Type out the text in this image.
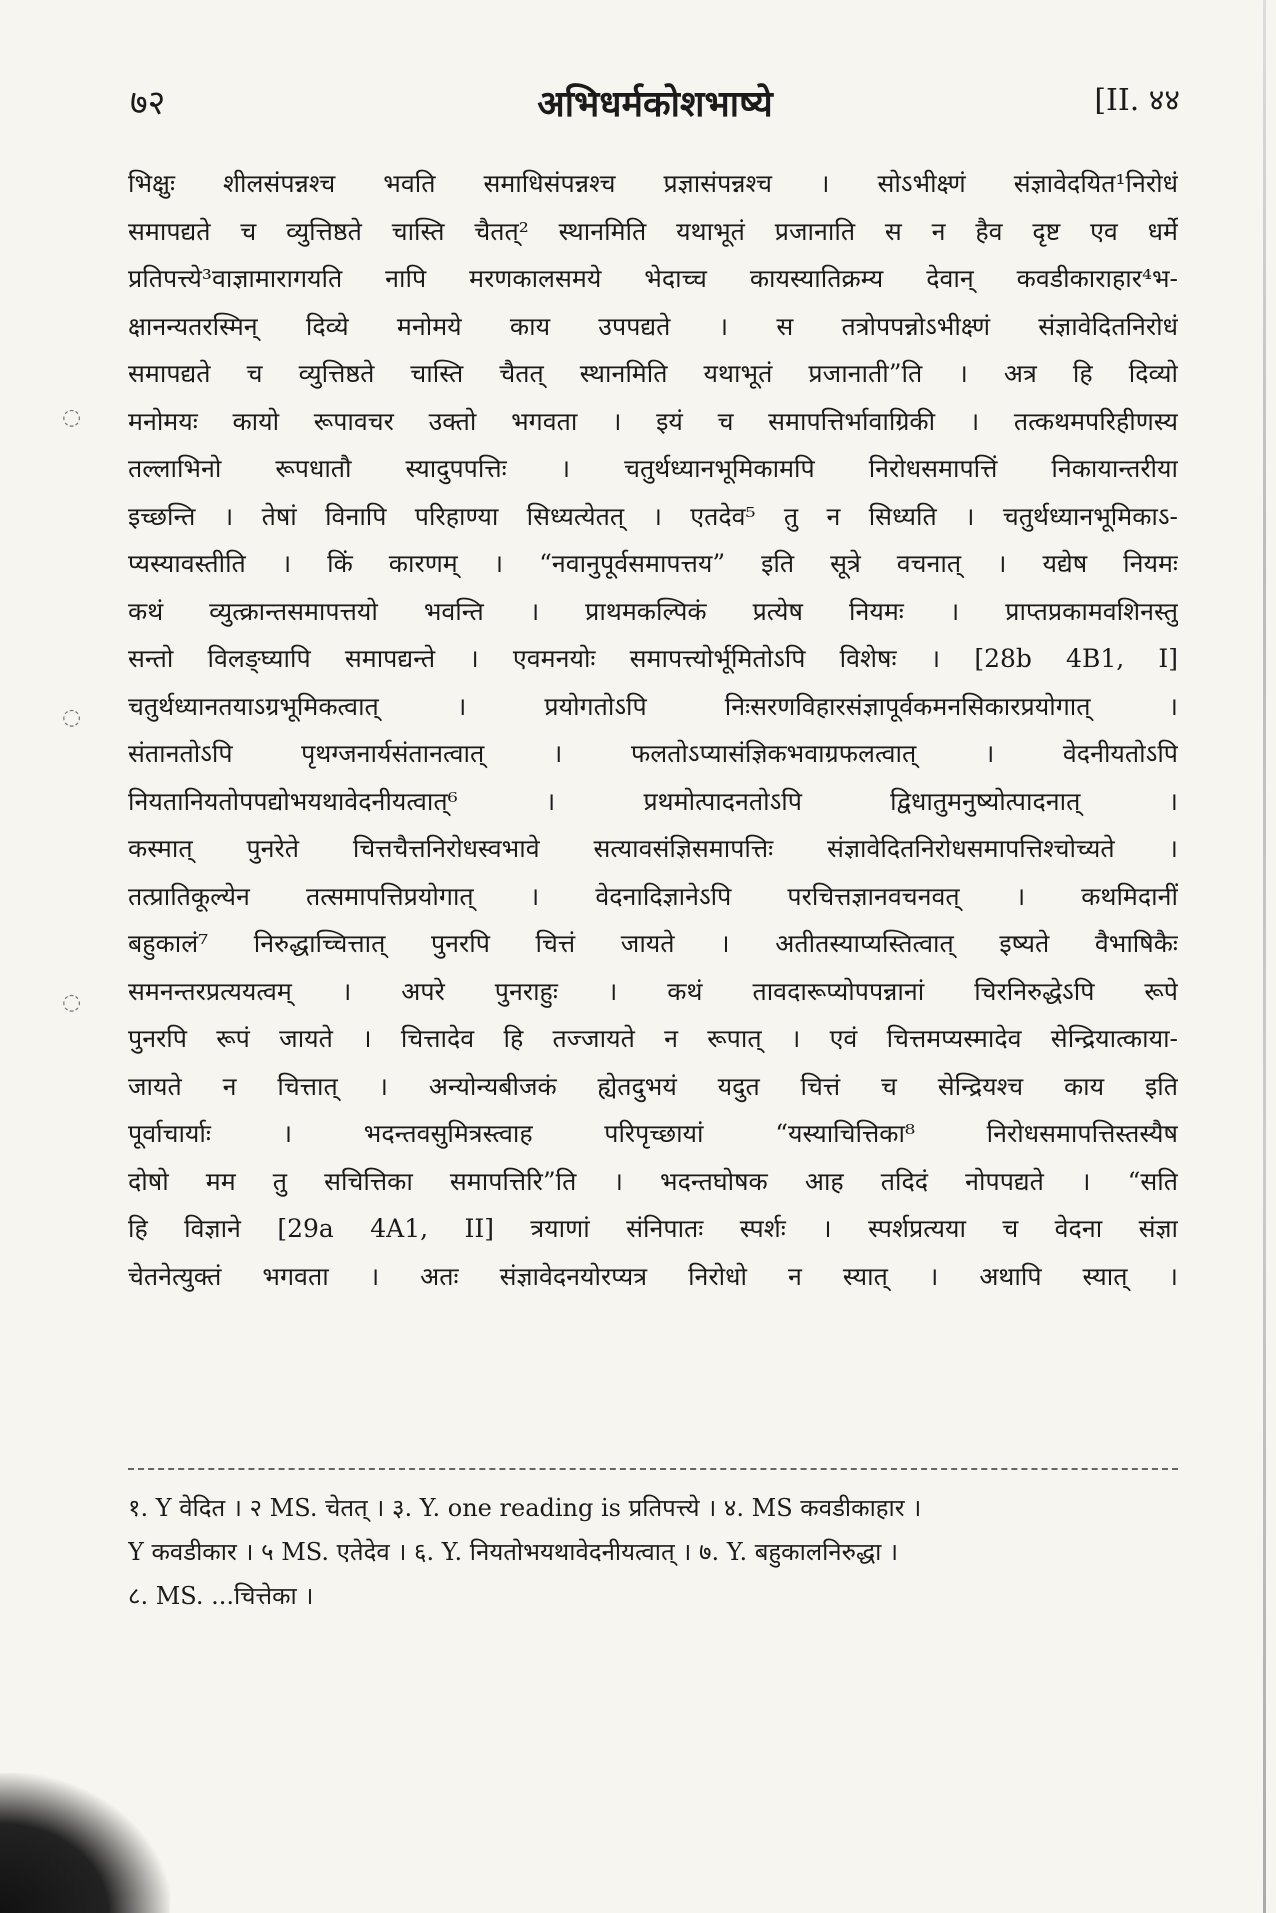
७२	अभिधर्मकोशभाष्ये	[II. ४४
भिक्षुः शीलसंपन्नश्च भवति समाधिसंपन्नश्च प्रज्ञासंपन्नश्च । सोऽभीक्ष्णं संज्ञावेदयित¹निरोधं
समापद्यते च व्युत्तिष्ठते चास्ति चैतत्² स्थानमिति यथाभूतं प्रजानाति स न हैव दृष्ट एव धर्मे
प्रतिपत्त्ये³वाज्ञामारागयति नापि मरणकालसमये भेदाच्च कायस्यातिक्रम्य देवान् कवडीकाराहार⁴भ-
क्षानन्यतरस्मिन् दिव्ये मनोमये काय उपपद्यते । स तत्रोपपन्नोऽभीक्ष्णं संज्ञावेदितनिरोधं
समापद्यते च व्युत्तिष्ठते चास्ति चैतत् स्थानमिति यथाभूतं प्रजानाती”ति । अत्र हि दिव्यो
मनोमयः कायो रूपावचर उक्तो भगवता । इयं च समापत्तिर्भावाग्रिकी । तत्कथमपरिहीणस्य
तल्लाभिनो रूपधातौ स्यादुपपत्तिः । चतुर्थध्यानभूमिकामपि निरोधसमापत्तिं निकायान्तरीया
इच्छन्ति । तेषां विनापि परिहाण्या सिध्यत्येतत् । एतदेव⁵ तु न सिध्यति । चतुर्थध्यानभूमिकाऽ-
प्यस्यावस्तीति । किं कारणम् । “नवानुपूर्वसमापत्तय” इति सूत्रे वचनात् । यद्येष नियमः
कथं व्युत्क्रान्तसमापत्तयो भवन्ति । प्राथमकल्पिकं प्रत्येष नियमः । प्राप्तप्रकामवशिनस्तु
सन्तो विलङ्घ्यापि समापद्यन्ते । एवमनयोः समापत्त्योर्भूमितोऽपि विशेषः । [28b 4B1, I]
चतुर्थध्यानतयाऽग्रभूमिकत्वात् । प्रयोगतोऽपि निःसरणविहारसंज्ञापूर्वकमनसिकारप्रयोगात् ।
संतानतोऽपि पृथग्जनार्यसंतानत्वात् । फलतोऽप्यासंज्ञिकभवाग्रफलत्वात् । वेदनीयतोऽपि
नियतानियतोपपद्योभयथावेदनीयत्वात्⁶ । प्रथमोत्पादनतोऽपि द्विधातुमनुष्योत्पादनात् ।
कस्मात् पुनरेते चित्तचैत्तनिरोधस्वभावे सत्यावसंज्ञिसमापत्तिः संज्ञावेदितनिरोधसमापत्तिश्चोच्यते ।
तत्प्रातिकूल्येन तत्समापत्तिप्रयोगात् । वेदनादिज्ञानेऽपि परचित्तज्ञानवचनवत् । कथमिदानीं
बहुकालं⁷ निरुद्धाच्चित्तात् पुनरपि चित्तं जायते । अतीतस्याप्यस्तित्वात् इष्यते वैभाषिकैः
समनन्तरप्रत्ययत्वम् । अपरे पुनराहुः । कथं तावदारूप्योपपन्नानां चिरनिरुद्धेऽपि रूपे
पुनरपि रूपं जायते । चित्तादेव हि तज्जायते न रूपात् । एवं चित्तमप्यस्मादेव सेन्द्रियात्काया-
जायते न चित्तात् । अन्योन्यबीजकं ह्येतदुभयं यदुत चित्तं च सेन्द्रियश्च काय इति
पूर्वाचार्याः । भदन्तवसुमित्रस्त्वाह परिपृच्छायां “यस्याचित्तिका⁸ निरोधसमापत्तिस्तस्यैष
दोषो मम तु सचित्तिका समापत्तिरि”ति । भदन्तघोषक आह तदिदं नोपपद्यते । “सति
हि विज्ञाने [29a 4A1, II] त्रयाणां संनिपातः स्पर्शः । स्पर्शप्रत्यया च वेदना संज्ञा
चेतनेत्युक्तं भगवता । अतः संज्ञावेदनयोरप्यत्र निरोधो न स्यात् । अथापि स्यात् ।
१. Y वेदित । २ MS. चेतत् । ३. Y. one reading is प्रतिपत्त्ये । ४. MS कवडीकाहार ।
Y कवडीकार । ५ MS. एतेदेव । ६. Y. नियतोभयथावेदनीयत्वात् । ७. Y. बहुकालनिरुद्धा ।
८. MS. ...चित्तेका ।
◌
◌
◌
